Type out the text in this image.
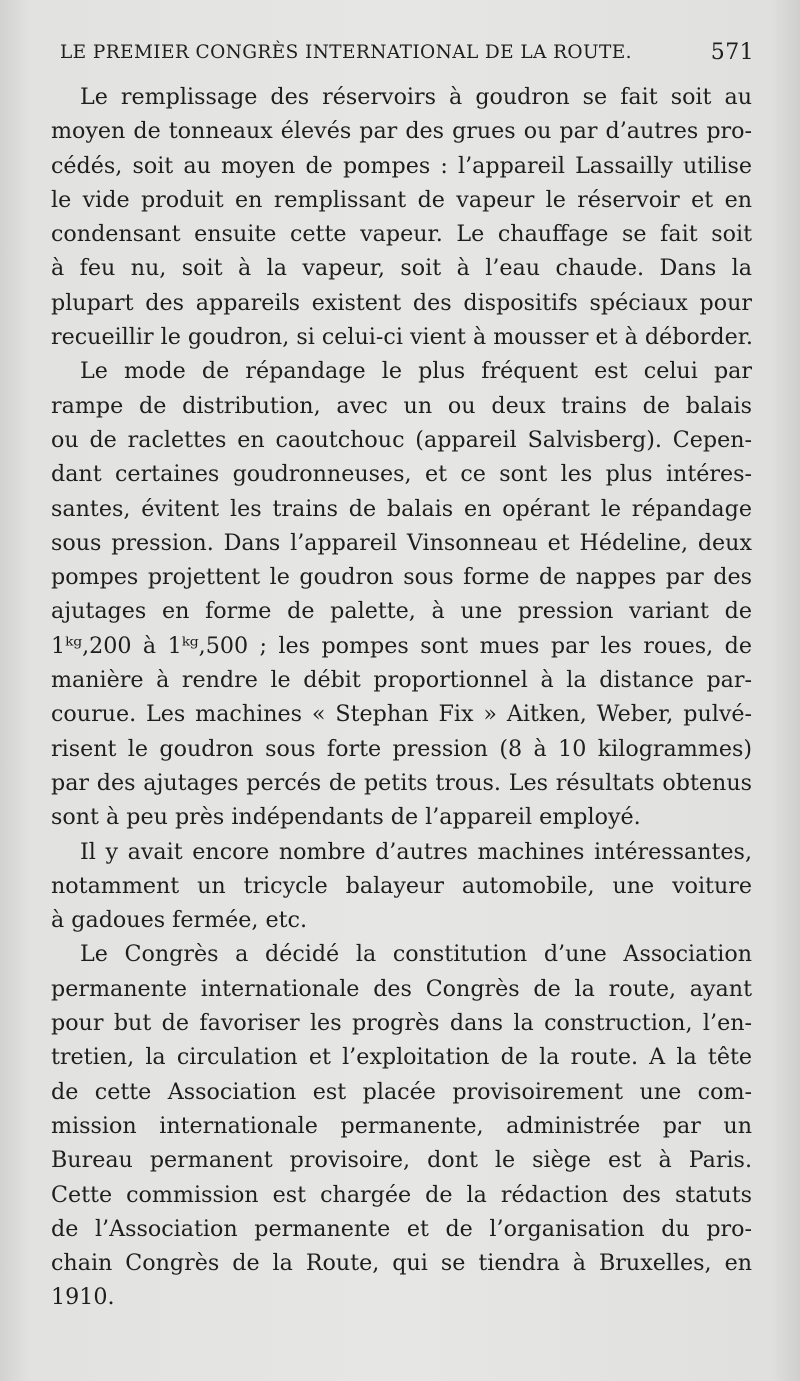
LE PREMIER CONGRÈS INTERNATIONAL DE LA ROUTE.	571
Le remplissage des réservoirs à goudron se fait soit au
moyen de tonneaux élevés par des grues ou par d’autres pro-
cédés, soit au moyen de pompes : l’appareil Lassailly utilise
le vide produit en remplissant de vapeur le réservoir et en
condensant ensuite cette vapeur. Le chauffage se fait soit
à feu nu, soit à la vapeur, soit à l’eau chaude. Dans la
plupart des appareils existent des dispositifs spéciaux pour
recueillir le goudron, si celui-ci vient à mousser et à déborder.
Le mode de répandage le plus fréquent est celui par
rampe de distribution, avec un ou deux trains de balais
ou de raclettes en caoutchouc (appareil Salvisberg). Cepen-
dant certaines goudronneuses, et ce sont les plus intéres-
santes, évitent les trains de balais en opérant le répandage
sous pression. Dans l’appareil Vinsonneau et Hédeline, deux
pompes projettent le goudron sous forme de nappes par des
ajutages en forme de palette, à une pression variant de
1ᵏᵍ,200 à 1ᵏᵍ,500 ; les pompes sont mues par les roues, de
manière à rendre le débit proportionnel à la distance par-
courue. Les machines « Stephan Fix » Aitken, Weber, pulvé-
risent le goudron sous forte pression (8 à 10 kilogrammes)
par des ajutages percés de petits trous. Les résultats obtenus
sont à peu près indépendants de l’appareil employé.
Il y avait encore nombre d’autres machines intéressantes,
notamment un tricycle balayeur automobile, une voiture
à gadoues fermée, etc.
Le Congrès a décidé la constitution d’une Association
permanente internationale des Congrès de la route, ayant
pour but de favoriser les progrès dans la construction, l’en-
tretien, la circulation et l’exploitation de la route. A la tête
de cette Association est placée provisoirement une com-
mission internationale permanente, administrée par un
Bureau permanent provisoire, dont le siège est à Paris.
Cette commission est chargée de la rédaction des statuts
de l’Association permanente et de l’organisation du pro-
chain Congrès de la Route, qui se tiendra à Bruxelles, en
1910.
